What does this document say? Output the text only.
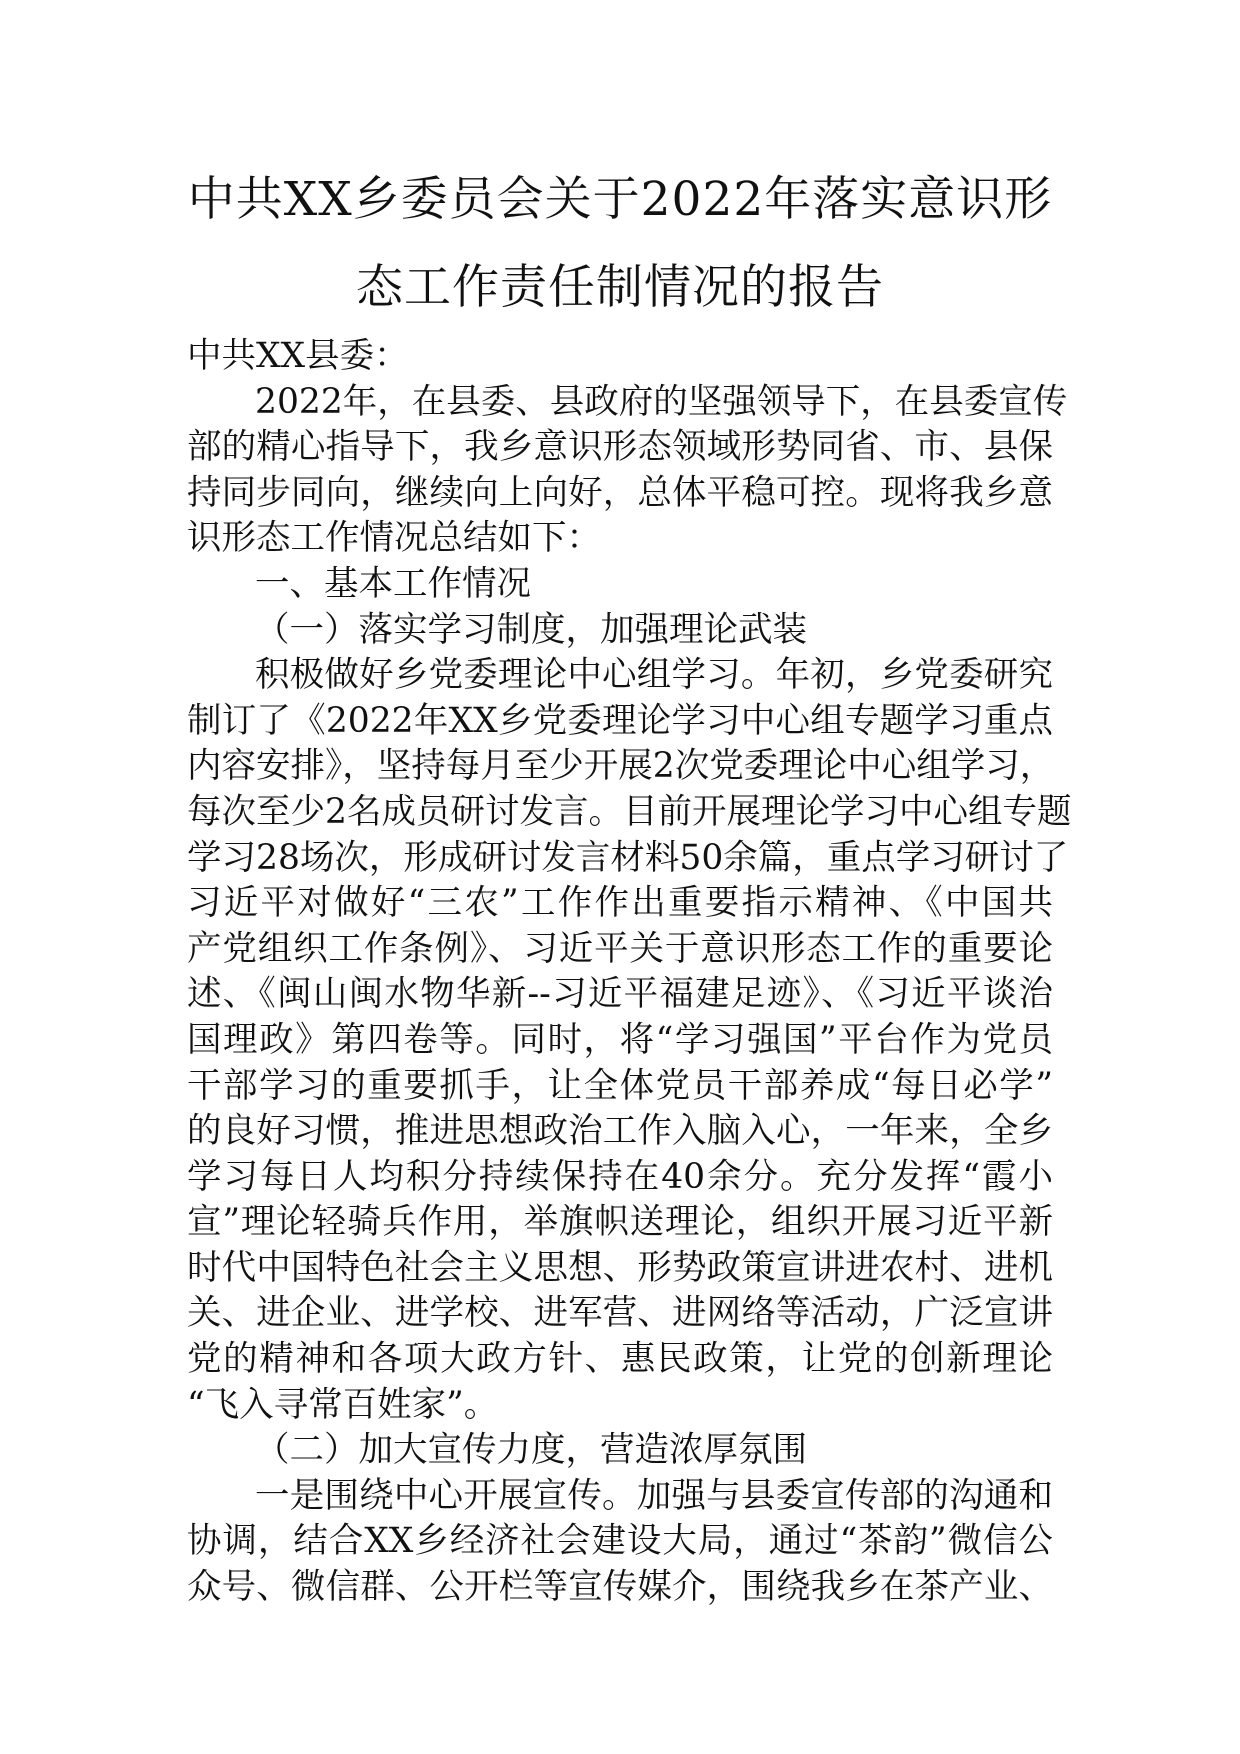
中共XX乡委员会关于2022年落实意识形
态工作责任制情况的报告
中共XX县委：
2022年，在县委、县政府的坚强领导下，在县委宣传
部的精心指导下，我乡意识形态领域形势同省、市、县保
持同步同向，继续向上向好，总体平稳可控。现将我乡意
识形态工作情况总结如下：
一、基本工作情况
（一）落实学习制度，加强理论武装
积极做好乡党委理论中心组学习。年初，乡党委研究
制订了《2022年XX乡党委理论学习中心组专题学习重点
内容安排》，坚持每月至少开展2次党委理论中心组学习，
每次至少2名成员研讨发言。目前开展理论学习中心组专题
学习28场次，形成研讨发言材料50余篇，重点学习研讨了
习近平对做好“三农”工作作出重要指示精神、《中国共
产党组织工作条例》、习近平关于意识形态工作的重要论
述、《闽山闽水物华新--习近平福建足迹》、《习近平谈治
国理政》第四卷等。同时，将“学习强国”平台作为党员
干部学习的重要抓手，让全体党员干部养成“每日必学”
的良好习惯，推进思想政治工作入脑入心，一年来，全乡
学习每日人均积分持续保持在40余分。充分发挥“霞小
宣”理论轻骑兵作用，举旗帜送理论，组织开展习近平新
时代中国特色社会主义思想、形势政策宣讲进农村、进机
关、进企业、进学校、进军营、进网络等活动，广泛宣讲
党的精神和各项大政方针、惠民政策，让党的创新理论
“飞入寻常百姓家”。
（二）加大宣传力度，营造浓厚氛围
一是围绕中心开展宣传。加强与县委宣传部的沟通和
协调，结合XX乡经济社会建设大局，通过“茶韵”微信公
众号、微信群、公开栏等宣传媒介，围绕我乡在茶产业、
